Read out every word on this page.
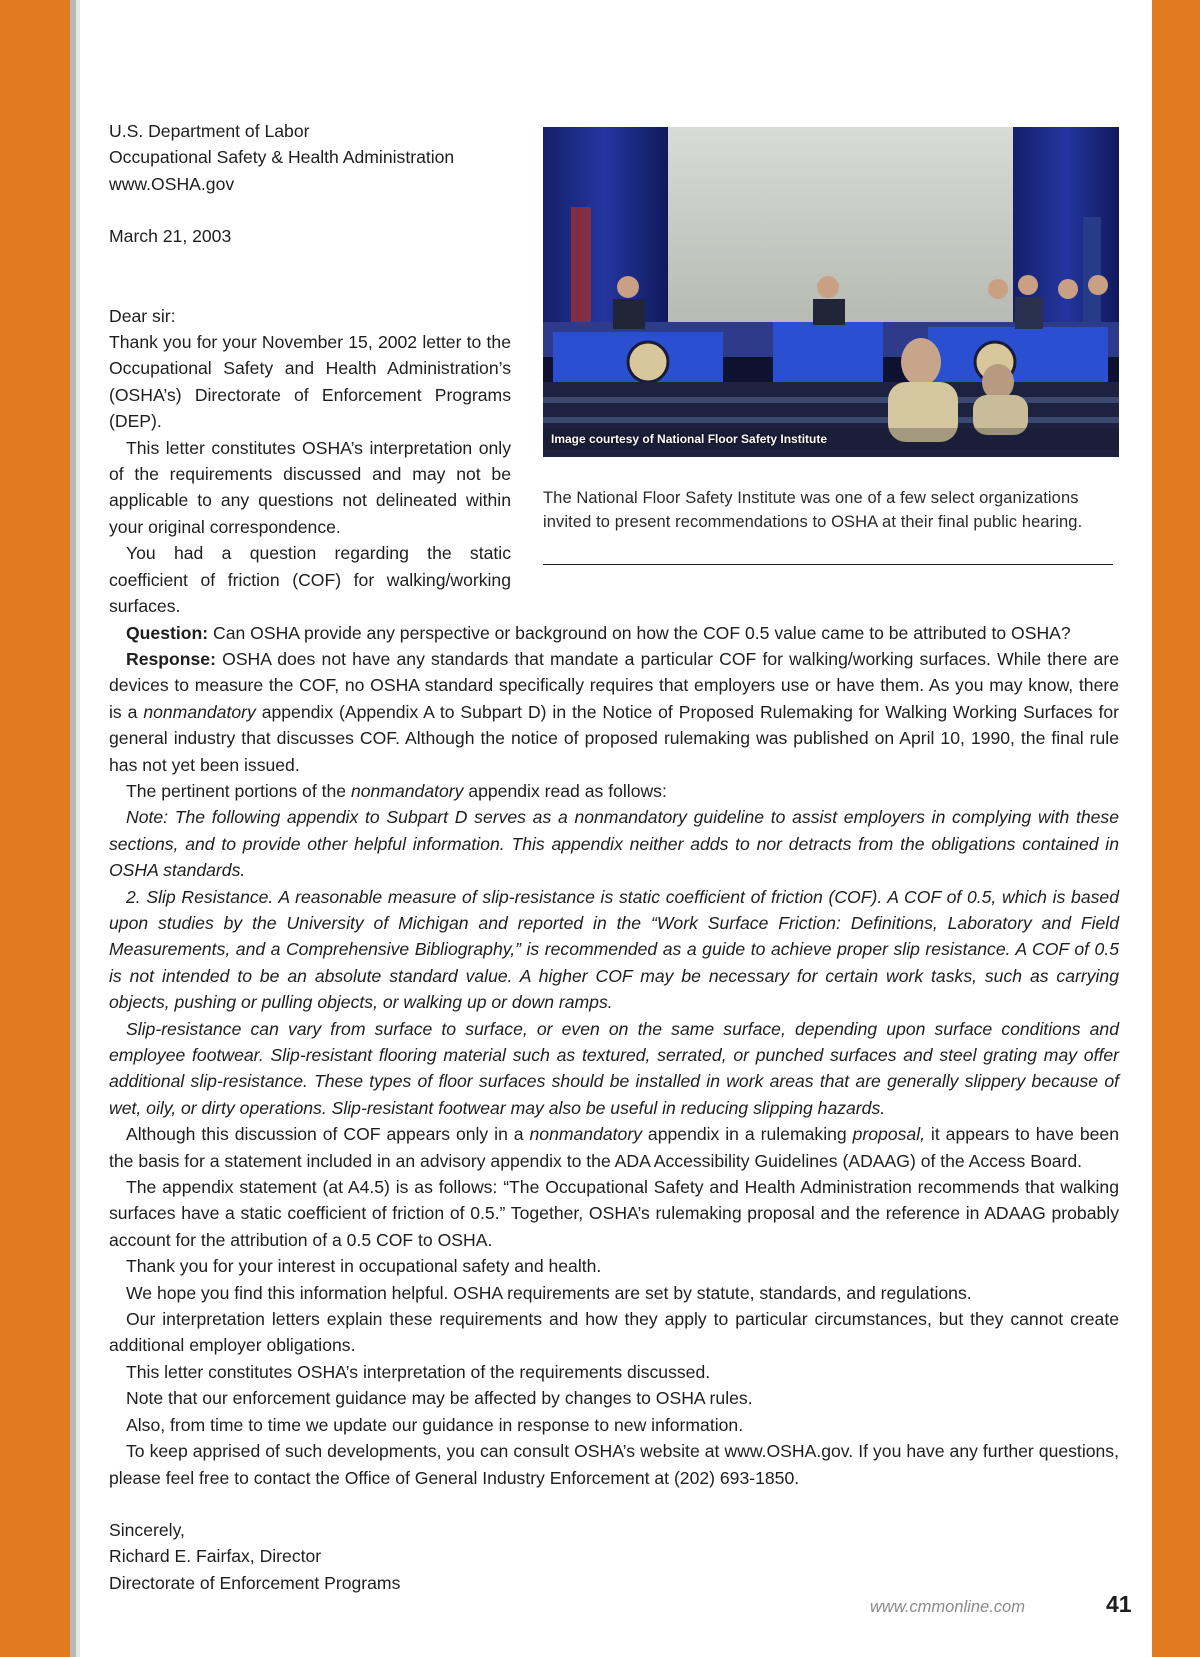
Image courtesy of National Floor Safety Institute

The National Floor Safety Institute was one of a few select organizations invited to present recommendations to OSHA at their final public hearing.

U.S. Department of Labor

Occupational Safety & Health Administration

www.OSHA.gov

March 21, 2003

Dear sir:

Thank you for your November 15, 2002 letter to the Occupational Safety and Health Administration’s (OSHA’s) Directorate of Enforcement Programs (DEP).

This letter constitutes OSHA’s interpretation only of the requirements discussed and may not be applicable to any questions not delineated within your original correspondence.

You had a question regarding the static coefficient of friction (COF) for walking/working surfaces.

Question: Can OSHA provide any perspective or background on how the COF 0.5 value came to be attributed to OSHA?

Response: OSHA does not have any standards that mandate a particular COF for walking/working surfaces. While there are devices to measure the COF, no OSHA standard specifically requires that employers use or have them. As you may know, there is a nonmandatory appendix (Appendix A to Subpart D) in the Notice of Proposed Rulemaking for Walking Working Surfaces for general industry that discusses COF. Although the notice of proposed rulemaking was published on April 10, 1990, the final rule has not yet been issued.

The pertinent portions of the nonmandatory appendix read as follows:

Note: The following appendix to Subpart D serves as a nonmandatory guideline to assist employers in complying with these sections, and to provide other helpful information. This appendix neither adds to nor detracts from the obligations contained in OSHA standards.

2. Slip Resistance. A reasonable measure of slip-resistance is static coefficient of friction (COF). A COF of 0.5, which is based upon studies by the University of Michigan and reported in the “Work Surface Friction: Definitions, Laboratory and Field Measurements, and a Comprehensive Bibliography,” is recommended as a guide to achieve proper slip resistance. A COF of 0.5 is not intended to be an absolute standard value. A higher COF may be necessary for certain work tasks, such as carrying objects, pushing or pulling objects, or walking up or down ramps.

Slip-resistance can vary from surface to surface, or even on the same surface, depending upon surface conditions and employee footwear. Slip-resistant flooring material such as textured, serrated, or punched surfaces and steel grating may offer additional slip-resistance. These types of floor surfaces should be installed in work areas that are generally slippery because of wet, oily, or dirty operations. Slip-resistant footwear may also be useful in reducing slipping hazards.

Although this discussion of COF appears only in a nonmandatory appendix in a rulemaking proposal, it appears to have been the basis for a statement included in an advisory appendix to the ADA Accessibility Guidelines (ADAAG) of the Access Board.

The appendix statement (at A4.5) is as follows: “The Occupational Safety and Health Administration recommends that walking surfaces have a static coefficient of friction of 0.5.” Together, OSHA’s rulemaking proposal and the reference in ADAAG probably account for the attribution of a 0.5 COF to OSHA.

Thank you for your interest in occupational safety and health.

We hope you find this information helpful. OSHA requirements are set by statute, standards, and regulations.

Our interpretation letters explain these requirements and how they apply to particular circumstances, but they cannot create additional employer obligations.

This letter constitutes OSHA’s interpretation of the requirements discussed.

Note that our enforcement guidance may be affected by changes to OSHA rules.

Also, from time to time we update our guidance in response to new information.

To keep apprised of such developments, you can consult OSHA’s website at www.OSHA.gov. If you have any further questions, please feel free to contact the Office of General Industry Enforcement at (202) 693-1850.

Sincerely,

Richard E. Fairfax, Director

Directorate of Enforcement Programs

www.cmmonline.com	41
